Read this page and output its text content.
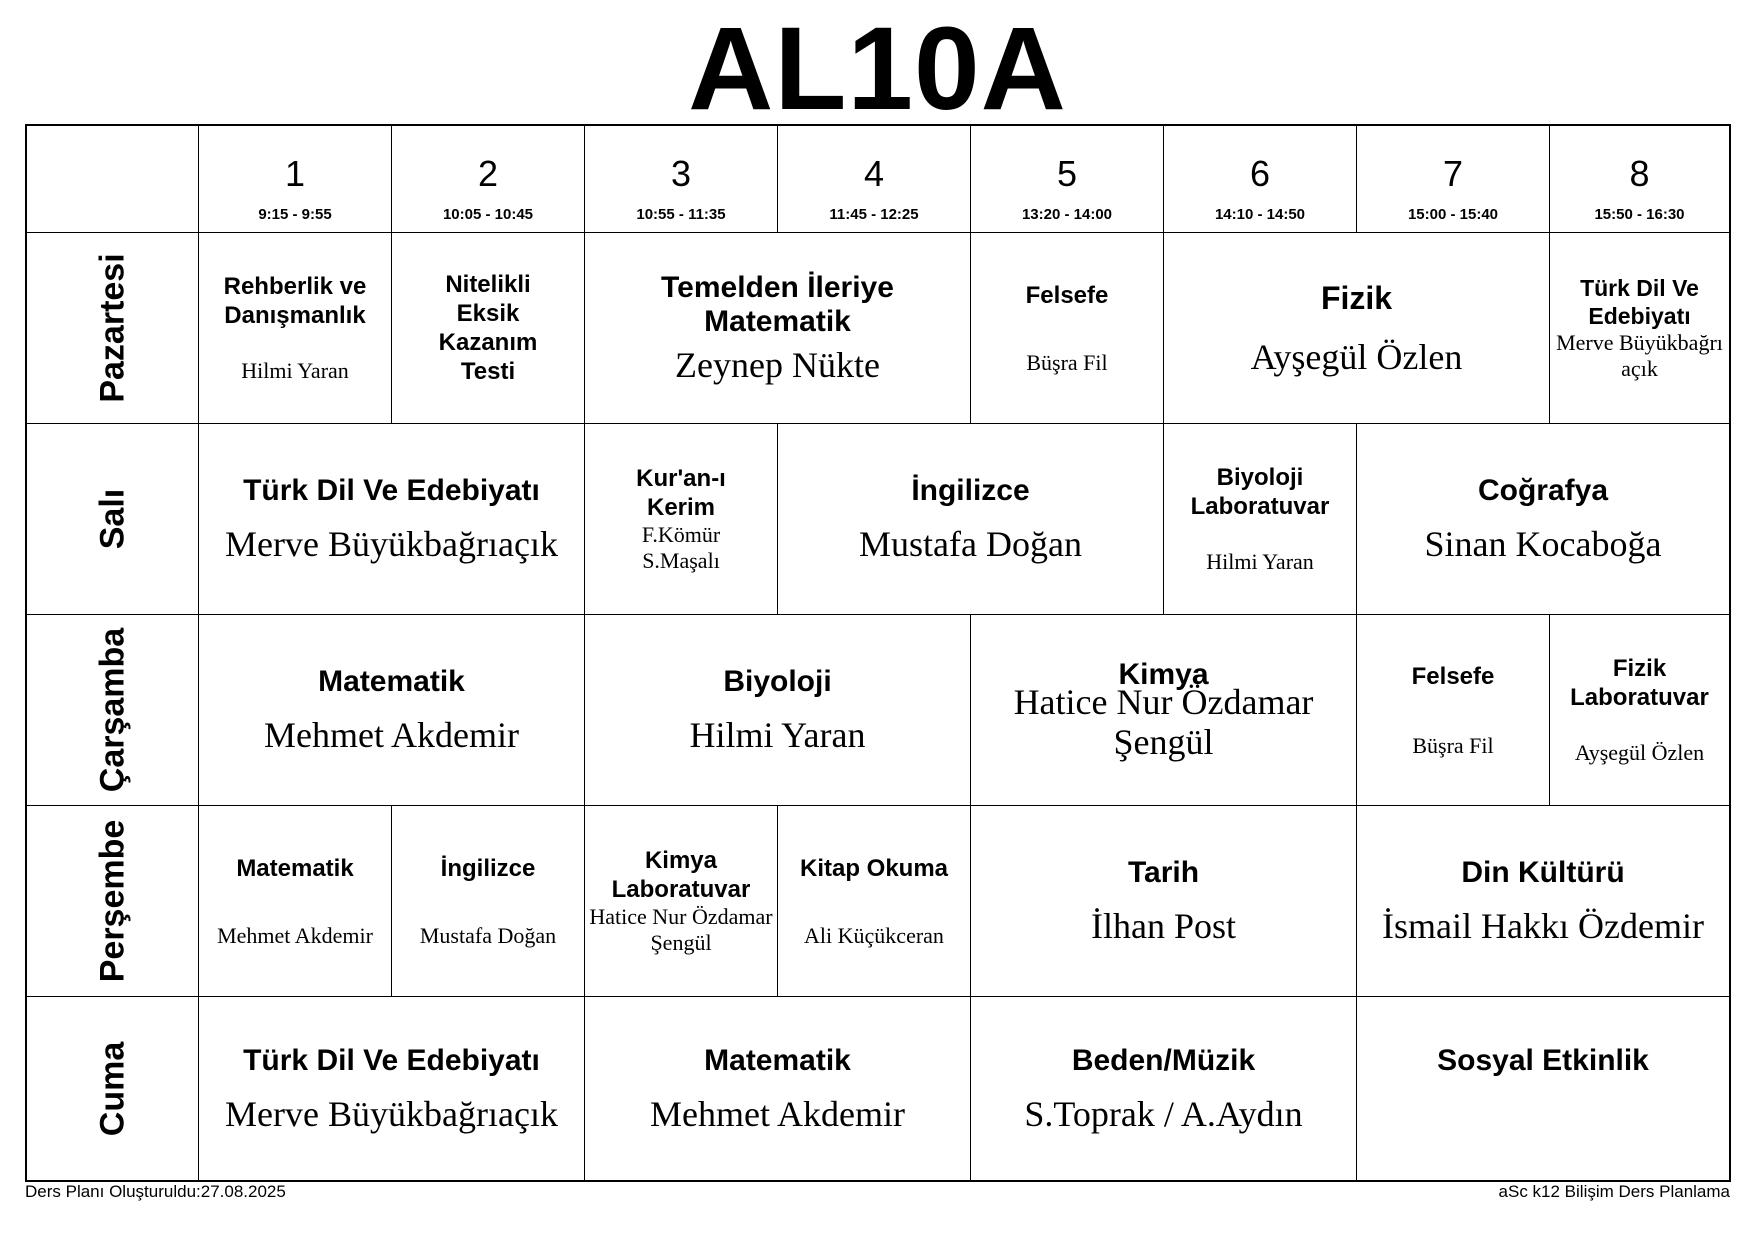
AL10A
1
9:15 - 9:55
2
10:05 - 10:45
3
10:55 - 11:35
4
11:45 - 12:25
5
13:20 - 14:00
6
14:10 - 14:50
7
15:00 - 15:40
8
15:50 - 16:30
Pazartesi
Salı
Çarşamba
Perşembe
Cuma
Rehberlik ve Danışmanlık
Hilmi Yaran
Nitelikli Eksik Kazanım Testi
Temelden İleriye Matematik
Zeynep Nükte
Felsefe
Büşra Fil
Fizik
Ayşegül Özlen
Türk Dil Ve Edebiyatı
Merve Büyükbağrı açık
Türk Dil Ve Edebiyatı
Merve Büyükbağrıaçık
Kur'an-ı Kerim
F.Kömür S.Maşalı
İngilizce
Mustafa Doğan
Biyoloji Laboratuvar
Hilmi Yaran
Coğrafya
Sinan Kocaboğa
Matematik
Mehmet Akdemir
Biyoloji
Hilmi Yaran
Kimya
Hatice Nur Özdamar Şengül
Felsefe
Büşra Fil
Fizik Laboratuvar
Ayşegül Özlen
Matematik
Mehmet Akdemir
İngilizce
Mustafa Doğan
Kimya Laboratuvar
Hatice Nur Özdamar Şengül
Kitap Okuma
Ali Küçükceran
Tarih
İlhan Post
Din Kültürü
İsmail Hakkı Özdemir
Türk Dil Ve Edebiyatı
Merve Büyükbağrıaçık
Matematik
Mehmet Akdemir
Beden/Müzik
S.Toprak / A.Aydın
Sosyal Etkinlik
Ders Planı Oluşturuldu:27.08.2025	aSc k12 Bilişim Ders Planlama
